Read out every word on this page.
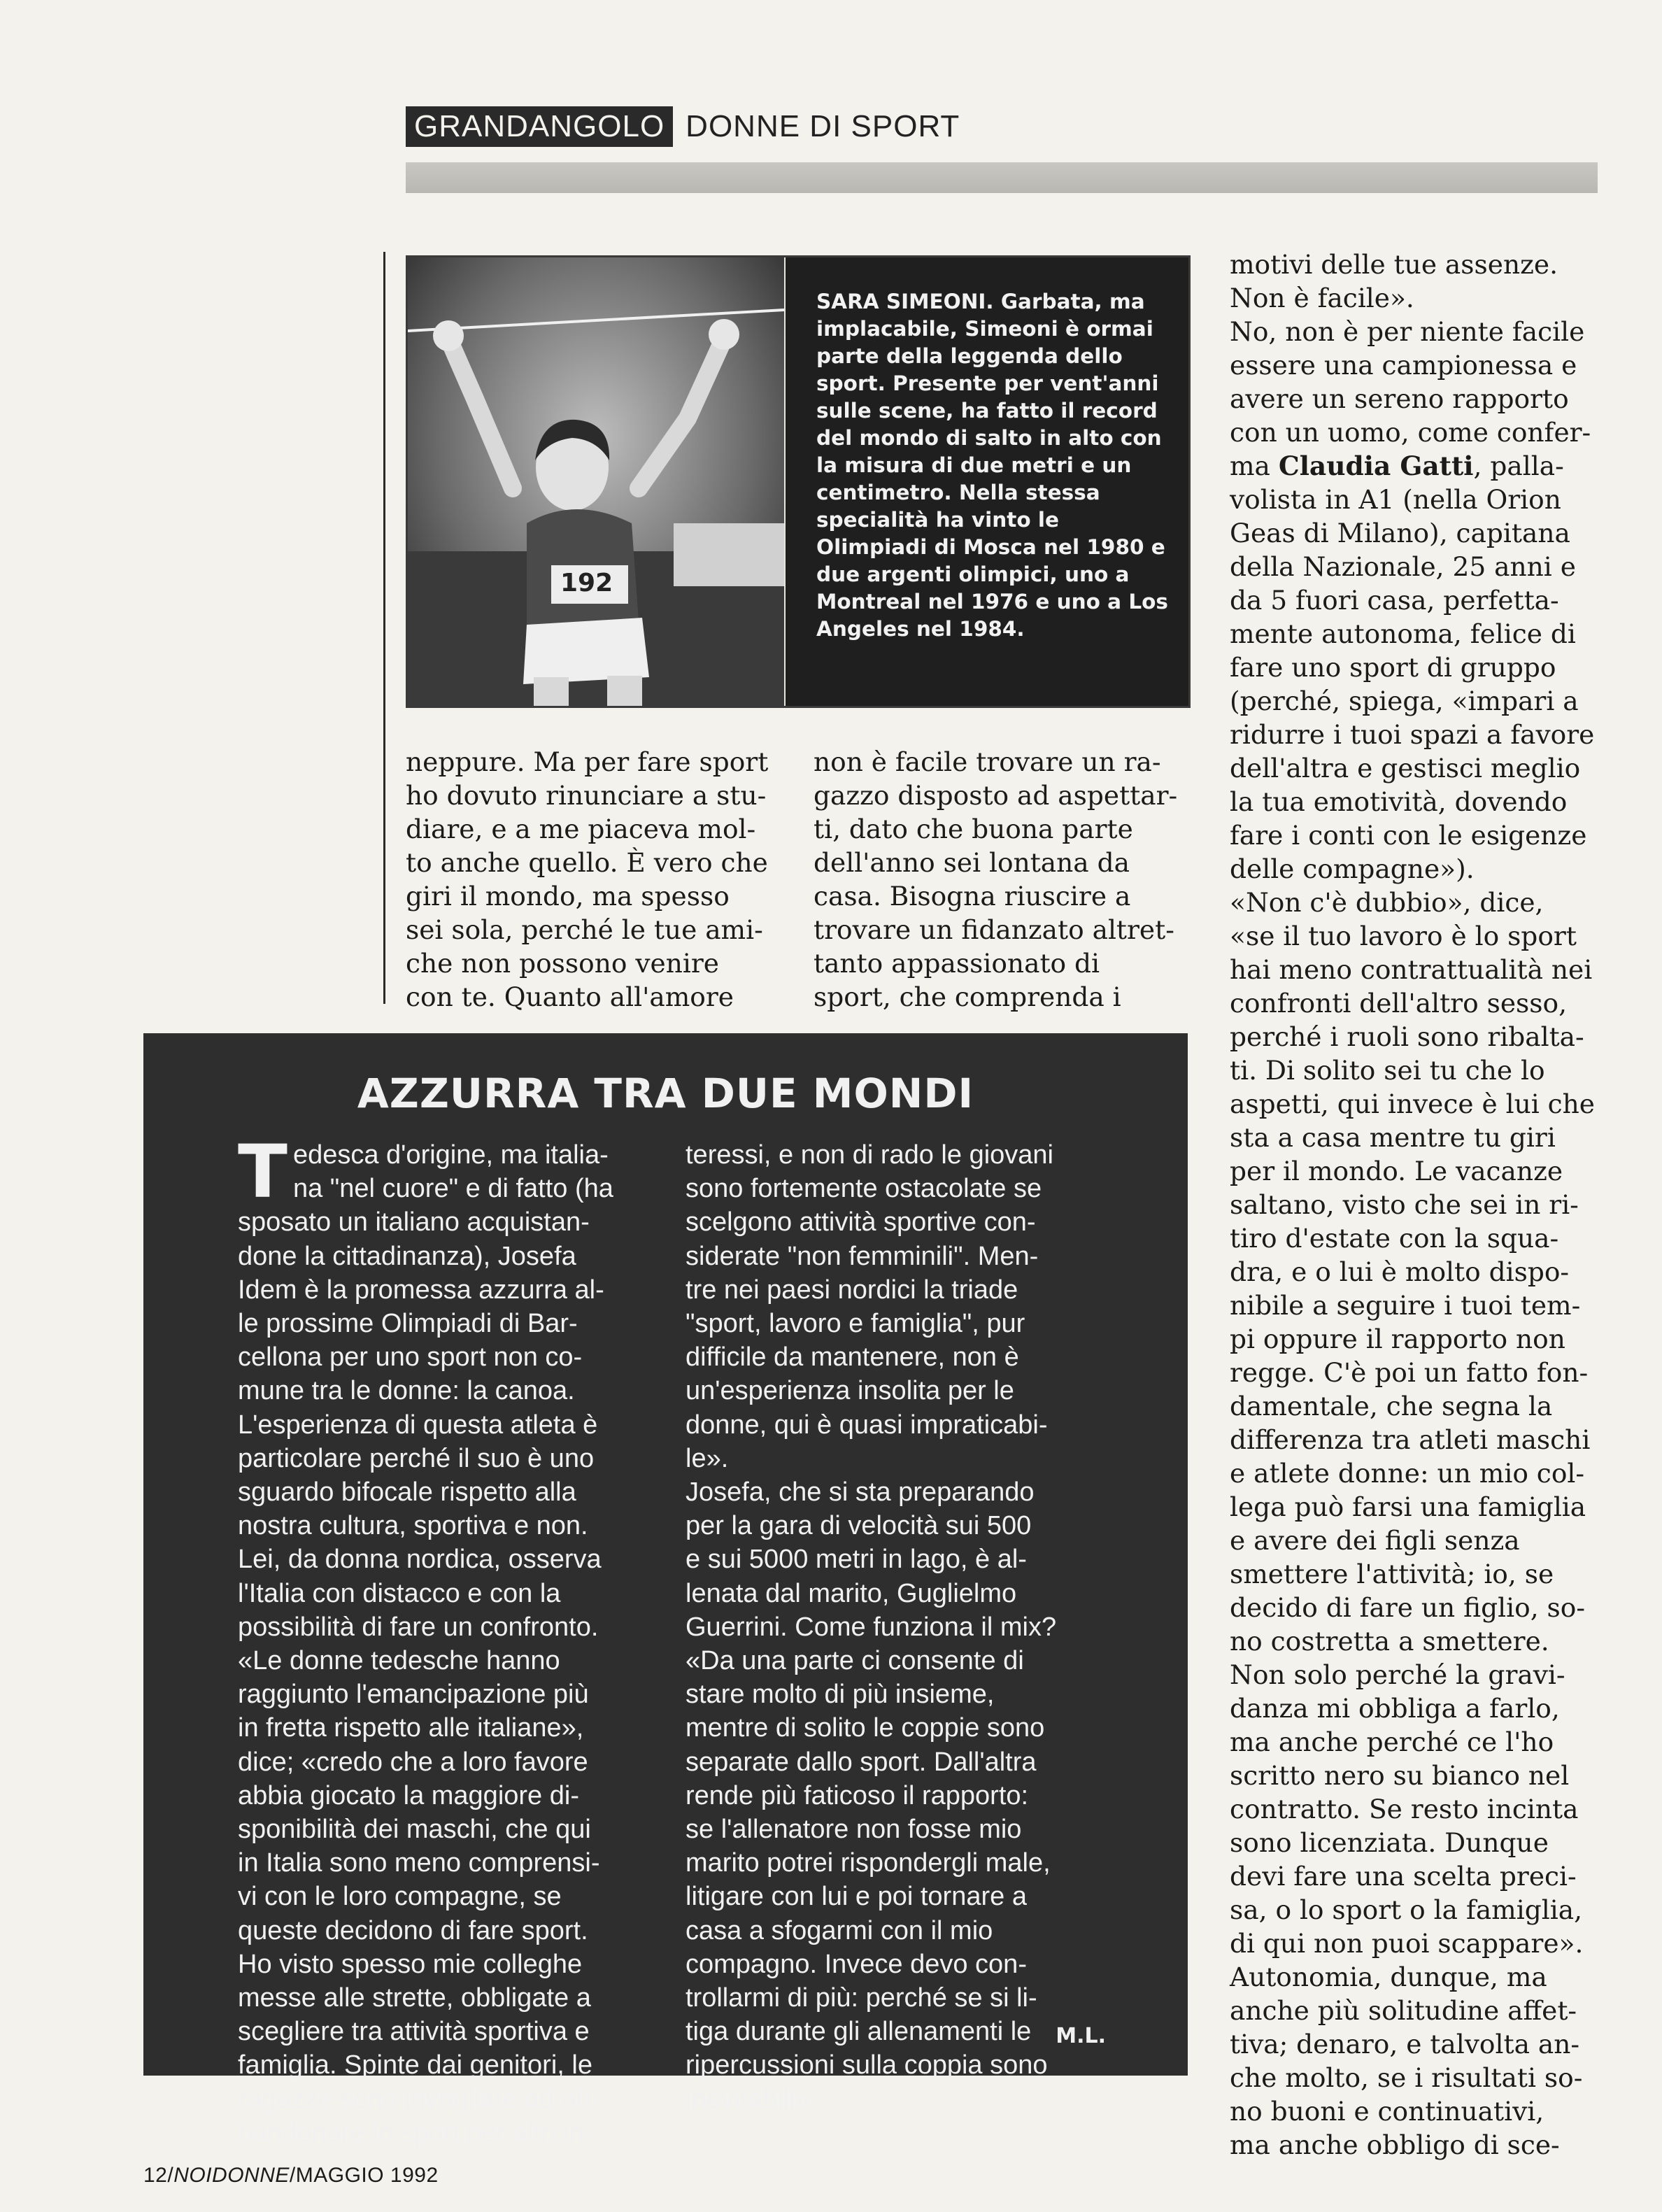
GRANDANGOLO DONNE DI SPORT
192
SARA SIMEONI. Garbata, ma implacabile, Simeoni è ormai parte della leggenda dello sport. Presente per vent'anni sulle scene, ha fatto il record del mondo di salto in alto con la misura di due metri e un centimetro. Nella stessa specialità ha vinto le Olimpiadi di Mosca nel 1980 e due argenti olimpici, uno a Montreal nel 1976 e uno a Los Angeles nel 1984.
neppure. Ma per fare sport
ho dovuto rinunciare a stu-
diare, e a me piaceva mol-
to anche quello. È vero che
giri il mondo, ma spesso
sei sola, perché le tue ami-
che non possono venire
con te. Quanto all'amore
non è facile trovare un ra-
gazzo disposto ad aspettar-
ti, dato che buona parte
dell'anno sei lontana da
casa. Bisogna riuscire a
trovare un fidanzato altret-
tanto appassionato di
sport, che comprenda i
motivi delle tue assenze.
Non è facile».
No, non è per niente facile
essere una campionessa e
avere un sereno rapporto
con un uomo, come confer-
ma Claudia Gatti, palla-
volista in A1 (nella Orion
Geas di Milano), capitana
della Nazionale, 25 anni e
da 5 fuori casa, perfetta-
mente autonoma, felice di
fare uno sport di gruppo
(perché, spiega, «impari a
ridurre i tuoi spazi a favore
dell'altra e gestisci meglio
la tua emotività, dovendo
fare i conti con le esigenze
delle compagne»).
«Non c'è dubbio», dice,
«se il tuo lavoro è lo sport
hai meno contrattualità nei
confronti dell'altro sesso,
perché i ruoli sono ribalta-
ti. Di solito sei tu che lo
aspetti, qui invece è lui che
sta a casa mentre tu giri
per il mondo. Le vacanze
saltano, visto che sei in ri-
tiro d'estate con la squa-
dra, e o lui è molto dispo-
nibile a seguire i tuoi tem-
pi oppure il rapporto non
regge. C'è poi un fatto fon-
damentale, che segna la
differenza tra atleti maschi
e atlete donne: un mio col-
lega può farsi una famiglia
e avere dei figli senza
smettere l'attività; io, se
decido di fare un figlio, so-
no costretta a smettere.
Non solo perché la gravi-
danza mi obbliga a farlo,
ma anche perché ce l'ho
scritto nero su bianco nel
contratto. Se resto incinta
sono licenziata. Dunque
devi fare una scelta preci-
sa, o lo sport o la famiglia,
di qui non puoi scappare».
Autonomia, dunque, ma
anche più solitudine affet-
tiva; denaro, e talvolta an-
che molto, se i risultati so-
no buoni e continuativi,
ma anche obbligo di sce-
AZZURRA TRA DUE MONDI
Tedesca d'origine, ma italia-
na "nel cuore" e di fatto (ha
sposato un italiano acquistan-
done la cittadinanza), Josefa
Idem è la promessa azzurra al-
le prossime Olimpiadi di Bar-
cellona per uno sport non co-
mune tra le donne: la canoa.
L'esperienza di questa atleta è
particolare perché il suo è uno
sguardo bifocale rispetto alla
nostra cultura, sportiva e non.
Lei, da donna nordica, osserva
l'Italia con distacco e con la
possibilità di fare un confronto.
«Le donne tedesche hanno
raggiunto l'emancipazione più
in fretta rispetto alle italiane»,
dice; «credo che a loro favore
abbia giocato la maggiore di-
sponibilità dei maschi, che qui
in Italia sono meno comprensi-
vi con le loro compagne, se
queste decidono di fare sport.
Ho visto spesso mie colleghe
messe alle strette, obbligate a
scegliere tra attività sportiva e
famiglia. Spinte dai genitori, le
ragazze sono invogliate ad ab-
bandonare lo sport per altri in-
teressi, e non di rado le giovani
sono fortemente ostacolate se
scelgono attività sportive con-
siderate "non femminili". Men-
tre nei paesi nordici la triade
"sport, lavoro e famiglia", pur
difficile da mantenere, non è
un'esperienza insolita per le
donne, qui è quasi impraticabi-
le».
Josefa, che si sta preparando
per la gara di velocità sui 500
e sui 5000 metri in lago, è al-
lenata dal marito, Guglielmo
Guerrini. Come funziona il mix?
«Da una parte ci consente di
stare molto di più insieme,
mentre di solito le coppie sono
separate dallo sport. Dall'altra
rende più faticoso il rapporto:
se l'allenatore non fosse mio
marito potrei rispondergli male,
litigare con lui e poi tornare a
casa a sfogarmi con il mio
compagno. Invece devo con-
trollarmi di più: perché se si li-
tiga durante gli allenamenti le
ripercussioni sulla coppia sono
inevitabili».
M.L.
12/NOIDONNE/MAGGIO 1992
